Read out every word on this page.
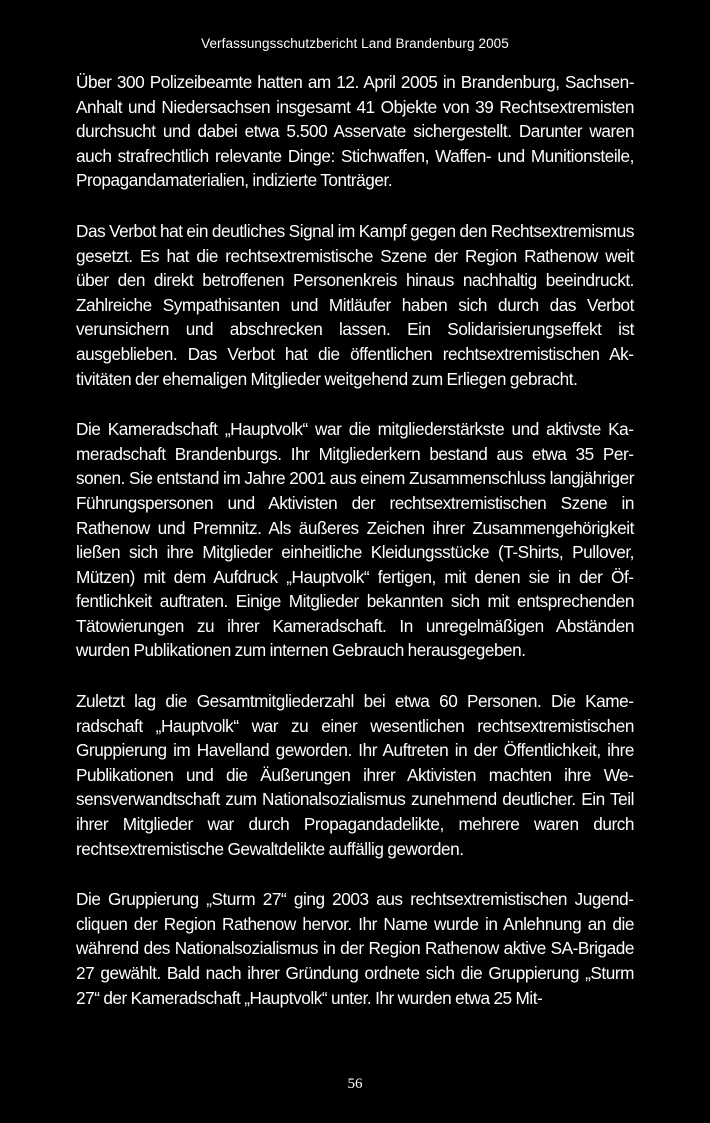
Verfassungsschutzbericht Land Brandenburg 2005

Über 300 Polizeibeamte hatten am 12. April 2005 in Brandenburg, Sachsen-Anhalt und Niedersachsen insgesamt 41 Objekte von 39 Rechtsextremisten durchsucht und dabei etwa 5.500 Asservate sichergestellt. Darunter waren auch strafrechtlich relevante Dinge: Stichwaffen, Waffen- und Munitionsteile, Propagandamaterialien, indizierte Tonträger.

Das Verbot hat ein deutliches Signal im Kampf gegen den Rechtsextremismus gesetzt. Es hat die rechtsextremistische Szene der Region Rathenow weit über den direkt betroffenen Personenkreis hinaus nachhaltig beeindruckt. Zahlreiche Sympathisanten und Mitläufer haben sich durch das Verbot verunsichern und abschrecken lassen. Ein Solidarisierungseffekt ist ausgeblieben. Das Verbot hat die öffentlichen rechtsextremistischen Aktivitäten der ehemaligen Mitglieder weitgehend zum Erliegen gebracht.

Die Kameradschaft „Hauptvolk“ war die mitgliederstärkste und aktivste Kameradschaft Brandenburgs. Ihr Mitgliederkern bestand aus etwa 35 Personen. Sie entstand im Jahre 2001 aus einem Zusammenschluss langjähriger Führungspersonen und Aktivisten der rechtsextremistischen Szene in Rathenow und Premnitz. Als äußeres Zeichen ihrer Zusammengehörigkeit ließen sich ihre Mitglieder einheitliche Kleidungsstücke (T-Shirts, Pullover, Mützen) mit dem Aufdruck „Hauptvolk“ fertigen, mit denen sie in der Öffentlichkeit auftraten. Einige Mitglieder bekannten sich mit entsprechenden Tätowierungen zu ihrer Kameradschaft. In unregelmäßigen Abständen wurden Publikationen zum internen Gebrauch herausgegeben.

Zuletzt lag die Gesamtmitgliederzahl bei etwa 60 Personen. Die Kameradschaft „Hauptvolk“ war zu einer wesentlichen rechtsextremistischen Gruppierung im Havelland geworden. Ihr Auftreten in der Öffentlichkeit, ihre Publikationen und die Äußerungen ihrer Aktivisten machten ihre Wesensverwandtschaft zum Nationalsozialismus zunehmend deutlicher. Ein Teil ihrer Mitglieder war durch Propagandadelikte, mehrere waren durch rechtsextremistische Gewaltdelikte auffällig geworden.

Die Gruppierung „Sturm 27“ ging 2003 aus rechtsextremistischen Jugendcliquen der Region Rathenow hervor. Ihr Name wurde in Anlehnung an die während des Nationalsozialismus in der Region Rathenow aktive SA-Brigade 27 gewählt. Bald nach ihrer Gründung ordnete sich die Gruppierung „Sturm 27“ der Kameradschaft „Hauptvolk“ unter. Ihr wurden etwa 25 Mit-

56
